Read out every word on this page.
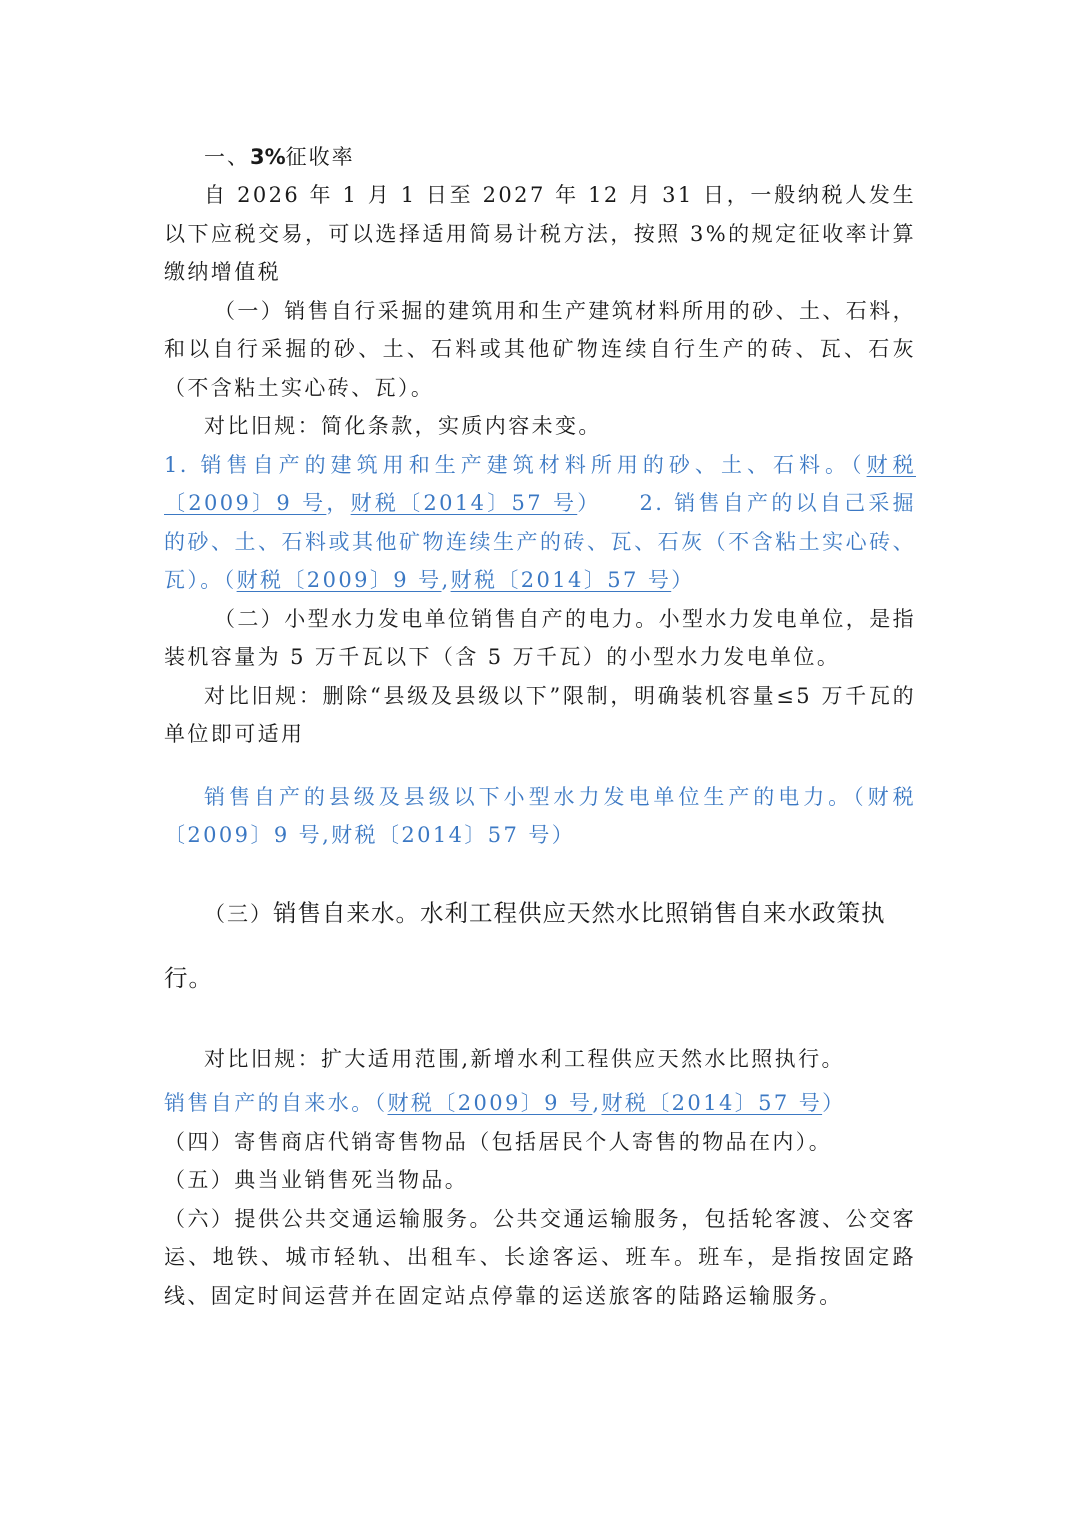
一、3%征收率

自 2026 年 1 月 1 日至 2027 年 12 月 31 日，一般纳税人发生以下应税交易，可以选择适用简易计税方法，按照 3%的规定征收率计算缴纳增值税

（一）销售自行采掘的建筑用和生产建筑材料所用的砂、土、石料，和以自行采掘的砂、土、石料或其他矿物连续自行生产的砖、瓦、石灰（不含粘土实心砖、瓦）。

对比旧规：简化条款，实质内容未变。

1. 销售自产的建筑用和生产建筑材料所用的砂、土、石料。（财税〔2009〕9 号，财税〔2014〕57 号）　　 2. 销售自产的以自己采掘的砂、土、石料或其他矿物连续生产的砖、瓦、石灰（不含粘土实心砖、瓦）。（财税〔2009〕9 号,财税〔2014〕57 号）

（二）小型水力发电单位销售自产的电力。小型水力发电单位，是指装机容量为 5 万千瓦以下（含 5 万千瓦）的小型水力发电单位。

对比旧规：删除“县级及县级以下”限制，明确装机容量≤5 万千瓦的单位即可适用

销售自产的县级及县级以下小型水力发电单位生产的电力。（财税〔2009〕9 号,财税〔2014〕57 号）

（三）销售自来水。水利工程供应天然水比照销售自来水政策执行。

对比旧规：扩大适用范围,新增水利工程供应天然水比照执行。

销售自产的自来水。（财税〔2009〕9 号,财税〔2014〕57 号）

（四）寄售商店代销寄售物品（包括居民个人寄售的物品在内）。

（五）典当业销售死当物品。

（六）提供公共交通运输服务。公共交通运输服务，包括轮客渡、公交客运、地铁、城市轻轨、出租车、长途客运、班车。班车，是指按固定路线、固定时间运营并在固定站点停靠的运送旅客的陆路运输服务。
